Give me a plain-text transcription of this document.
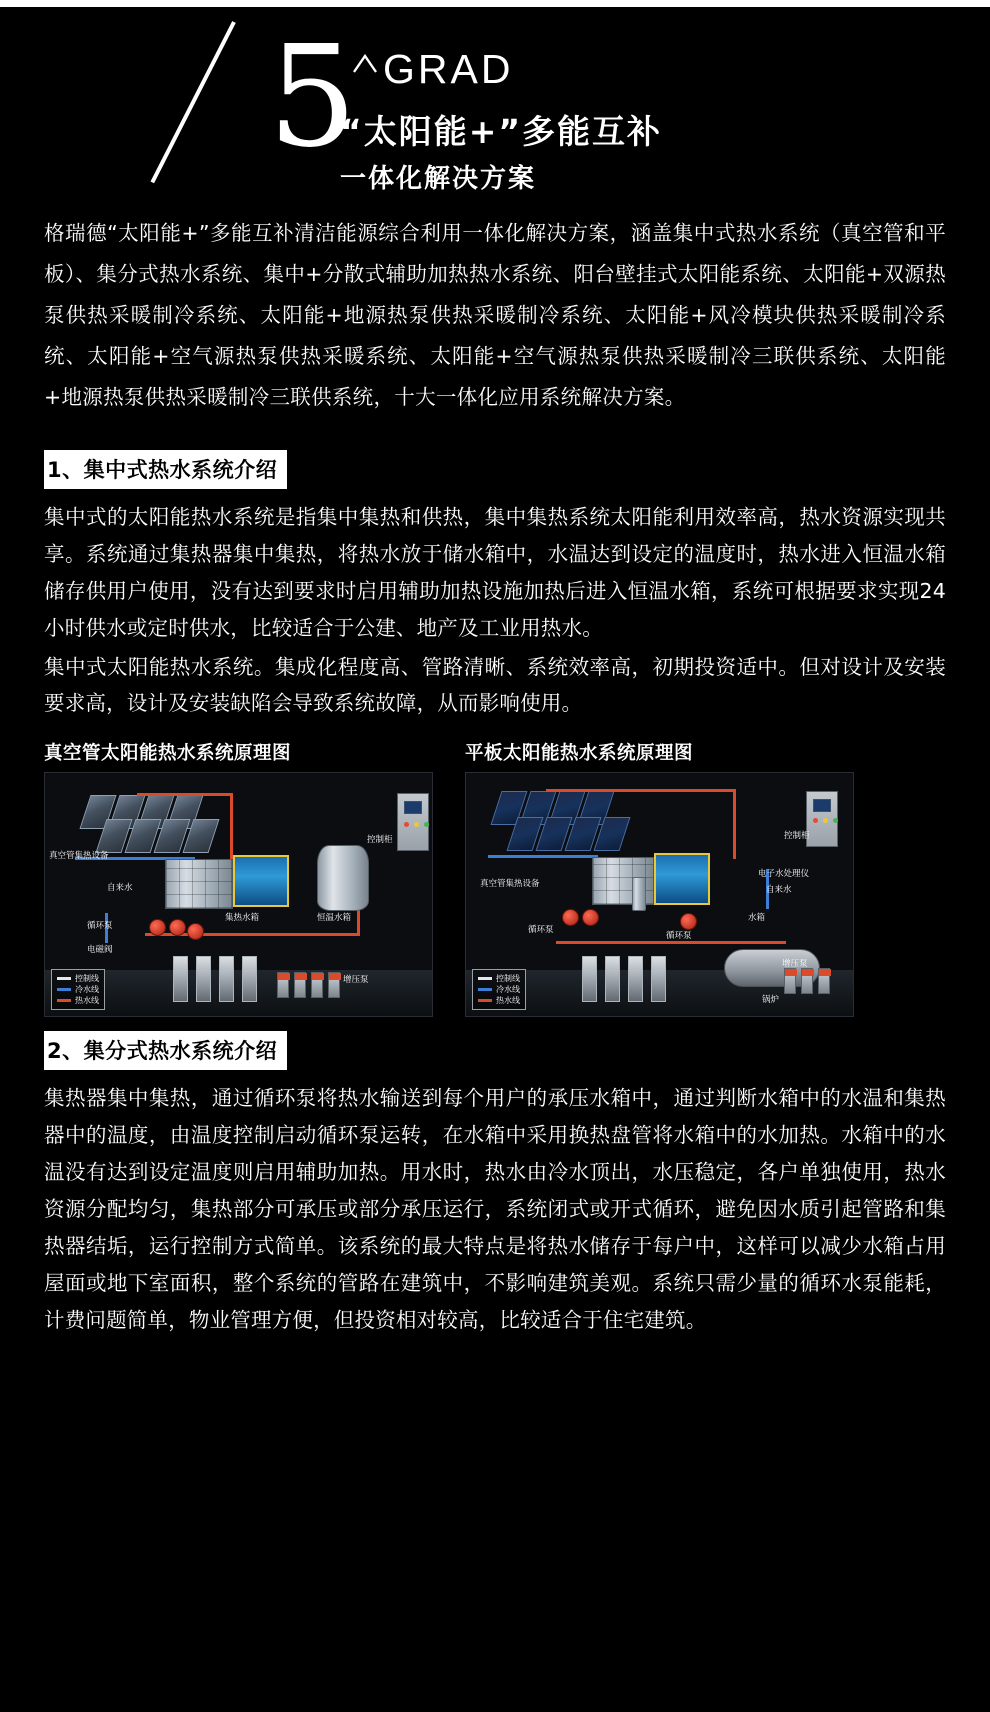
5 GRAD
“太阳能+”多能互补
一体化解决方案

格瑞德“太阳能+”多能互补清洁能源综合利用一体化解决方案，涵盖集中式热水系统（真空管和平板）、集分式热水系统、集中+分散式辅助加热热水系统、阳台壁挂式太阳能系统、太阳能+双源热泵供热采暖制冷系统、太阳能+地源热泵供热采暖制冷系统、太阳能+风冷模块供热采暖制冷系统、太阳能+空气源热泵供热采暖系统、太阳能+空气源热泵供热采暖制冷三联供系统、太阳能+地源热泵供热采暖制冷三联供系统，十大一体化应用系统解决方案。

1、集中式热水系统介绍

集中式的太阳能热水系统是指集中集热和供热，集中集热系统太阳能利用效率高，热水资源实现共享。系统通过集热器集中集热，将热水放于储水箱中，水温达到设定的温度时，热水进入恒温水箱储存供用户使用，没有达到要求时启用辅助加热设施加热后进入恒温水箱，系统可根据要求实现24小时供水或定时供水，比较适合于公建、地产及工业用热水。

集中式太阳能热水系统。集成化程度高、管路清晰、系统效率高，初期投资适中。但对设计及安装要求高，设计及安装缺陷会导致系统故障，从而影响使用。

真空管太阳能热水系统原理图
真空管集热设备
自来水
循环泵
电磁阀
集热水箱	恒温水箱
控制柜
增压泵
控制线
冷水线
热水线
平板太阳能热水系统原理图
真空管集热设备
循环泵
循环泵
自来水
电子水处理仪
水箱
控制柜
增压泵
锅炉
控制线
冷水线
热水线
2、集分式热水系统介绍

集热器集中集热，通过循环泵将热水输送到每个用户的承压水箱中，通过判断水箱中的水温和集热器中的温度，由温度控制启动循环泵运转，在水箱中采用换热盘管将水箱中的水加热。水箱中的水温没有达到设定温度则启用辅助加热。用水时，热水由冷水顶出，水压稳定，各户单独使用，热水资源分配均匀，集热部分可承压或部分承压运行，系统闭式或开式循环，避免因水质引起管路和集热器结垢，运行控制方式简单。该系统的最大特点是将热水储存于每户中，这样可以减少水箱占用屋面或地下室面积，整个系统的管路在建筑中，不影响建筑美观。系统只需少量的循环水泵能耗，计费问题简单，物业管理方便，但投资相对较高，比较适合于住宅建筑。
